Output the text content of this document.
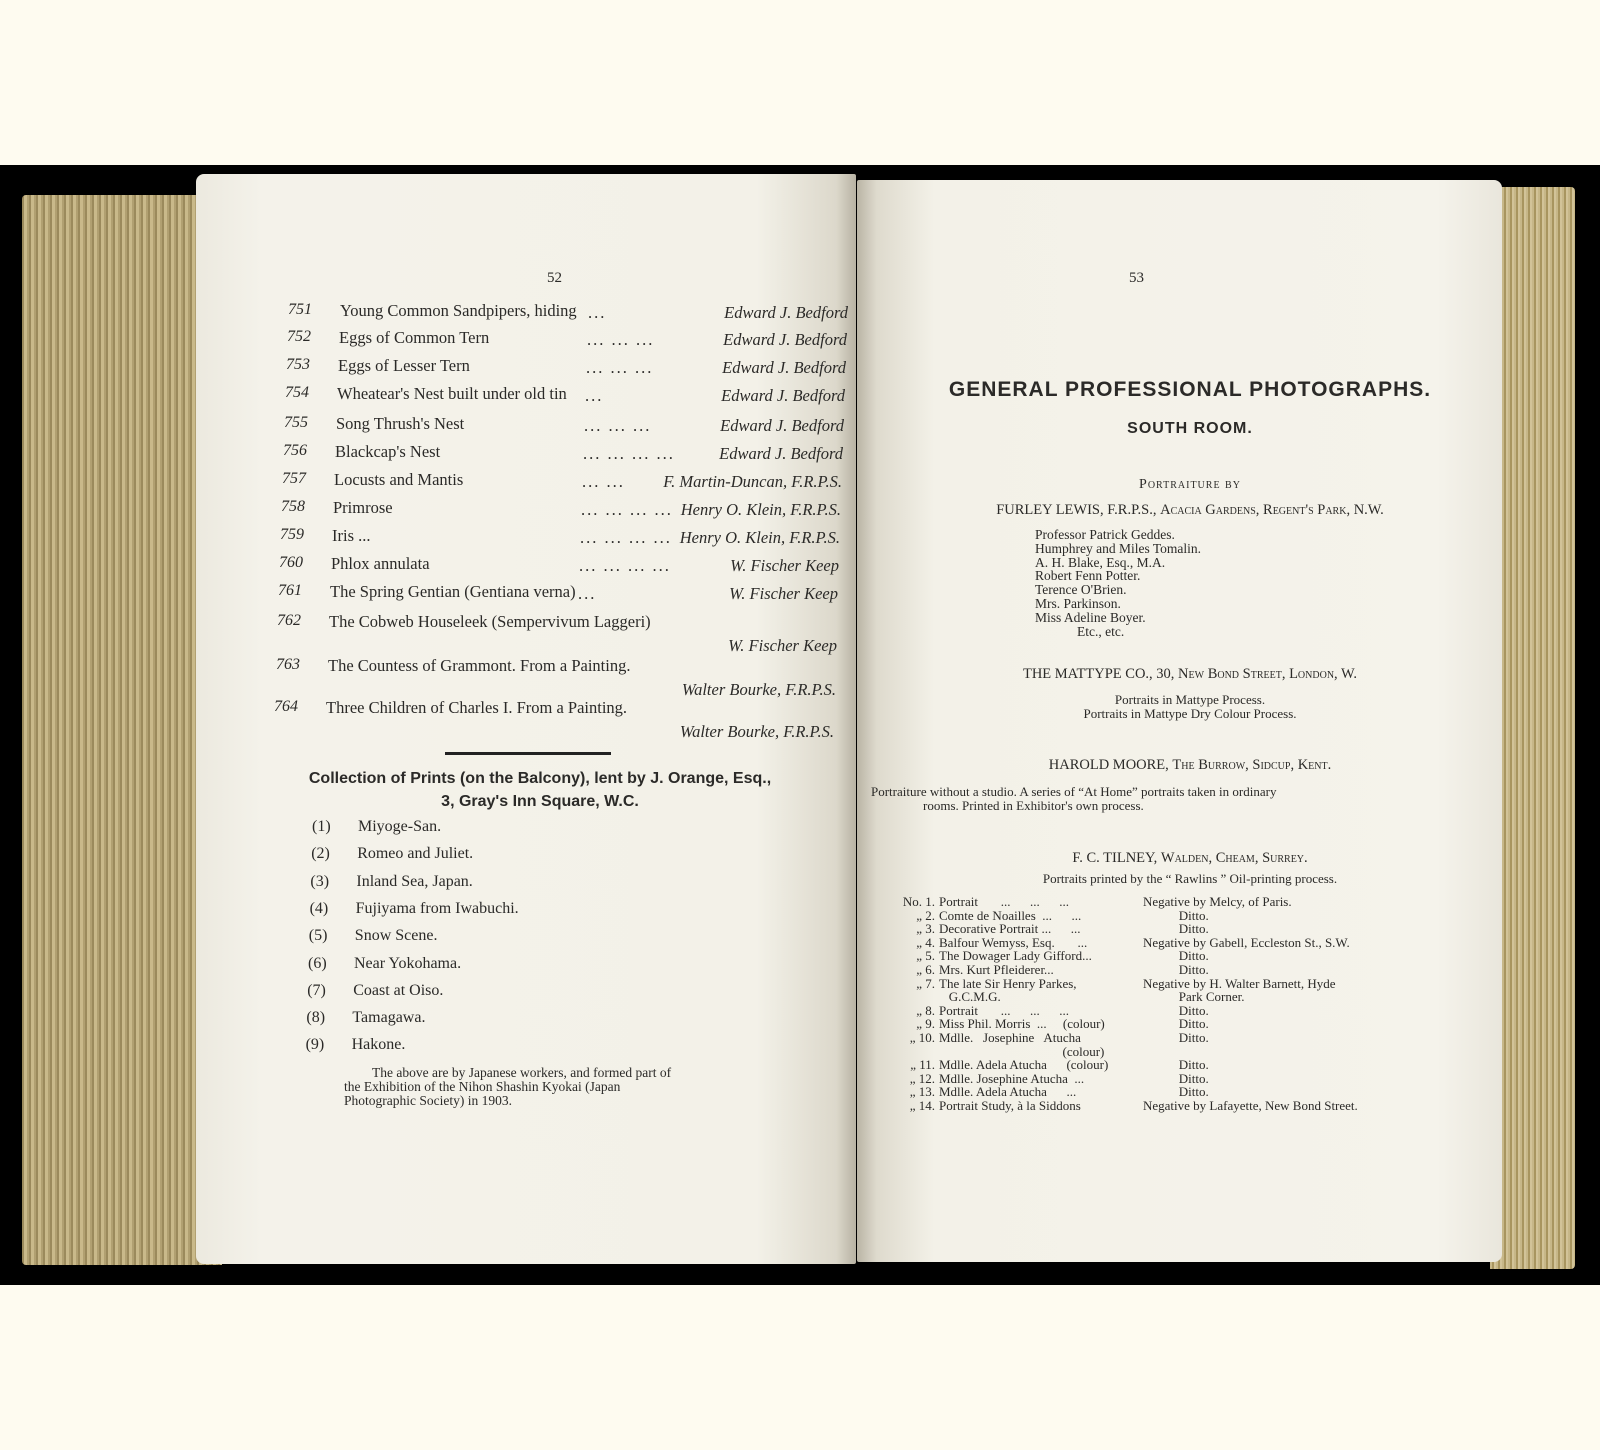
52
751 Young Common Sandpipers, hiding ...	Edward J. Bedford
752 Eggs of Common Tern	... ... ...	Edward J. Bedford
753 Eggs of Lesser Tern	... ... ...	Edward J. Bedford
754 Wheatear's Nest built under old tin ...	Edward J. Bedford
755 Song Thrush's Nest	... ... ...	Edward J. Bedford
756 Blackcap's Nest	... ... ... ...	Edward J. Bedford
757 Locusts and Mantis	... ... F. Martin-Duncan, F.R.P.S.
758 Primrose	... ... ... ... Henry O. Klein, F.R.P.S.
759 Iris ...	... ... ... ... Henry O. Klein, F.R.P.S.
760 Phlox annulata	... ... ... ...	W. Fischer Keep
761 The Spring Gentian (Gentiana verna) ...	W. Fischer Keep
762 The Cobweb Houseleek (Sempervivum Laggeri)
W. Fischer Keep
763 The Countess of Grammont. From a Painting.
Walter Bourke, F.R.P.S.
764 Three Children of Charles I. From a Painting.
Walter Bourke, F.R.P.S.
Collection of Prints (on the Balcony), lent by J. Orange, Esq.,
3, Gray's Inn Square, W.C.
(1) Miyoge-San.
(2) Romeo and Juliet.
(3) Inland Sea, Japan.
(4) Fujiyama from Iwabuchi.
(5) Snow Scene.
(6) Near Yokohama.
(7) Coast at Oiso.
(8) Tamagawa.
(9) Hakone.
The above are by Japanese workers, and formed part of the Exhibition of the Nihon Shashin Kyokai (Japan Photographic Society) in 1903.
53
GENERAL PROFESSIONAL PHOTOGRAPHS.
SOUTH ROOM.
Portraiture by
FURLEY LEWIS, F.R.P.S., Acacia Gardens, Regent's Park, N.W.
Professor Patrick Geddes.
Humphrey and Miles Tomalin.
A. H. Blake, Esq., M.A.
Robert Fenn Potter.
Terence O'Brien.
Mrs. Parkinson.
Miss Adeline Boyer.
Etc., etc.
THE MATTYPE CO., 30, New Bond Street, London, W.
Portraits in Mattype Process.
Portraits in Mattype Dry Colour Process.
HAROLD MOORE, The Burrow, Sidcup, Kent.
Portraiture without a studio. A series of “At Home” portraits taken in ordinary
rooms. Printed in Exhibitor's own process.
F. C. TILNEY, Walden, Cheam, Surrey.
Portraits printed by the “ Rawlins ” Oil-printing process.
No. 1. Portrait       ...      ...      ...	Negative by Melcy, of Paris.
„ 2. Comte de Noailles  ...      ...	Ditto.
„ 3. Decorative Portrait ...      ...	Ditto.
„ 4. Balfour Wemyss, Esq.       ...	Negative by Gabell, Eccleston St., S.W.
„ 5. The Dowager Lady Gifford...	Ditto.
„ 6. Mrs. Kurt Pfleiderer...	Ditto.
„ 7. The late Sir Henry Parkes,	Negative by H. Walter Barnett, Hyde
G.C.M.G.	Park Corner.
„ 8. Portrait       ...      ...      ...	Ditto.
„ 9. Miss Phil. Morris  ...     (colour)	Ditto.
„ 10. Mdlle.   Josephine   Atucha	Ditto.
(colour)
„ 11. Mdlle. Adela Atucha      (colour)	Ditto.
„ 12. Mdlle. Josephine Atucha  ...	Ditto.
„ 13. Mdlle. Adela Atucha      ...	Ditto.
„ 14. Portrait Study, à la Siddons	Negative by Lafayette, New Bond Street.
